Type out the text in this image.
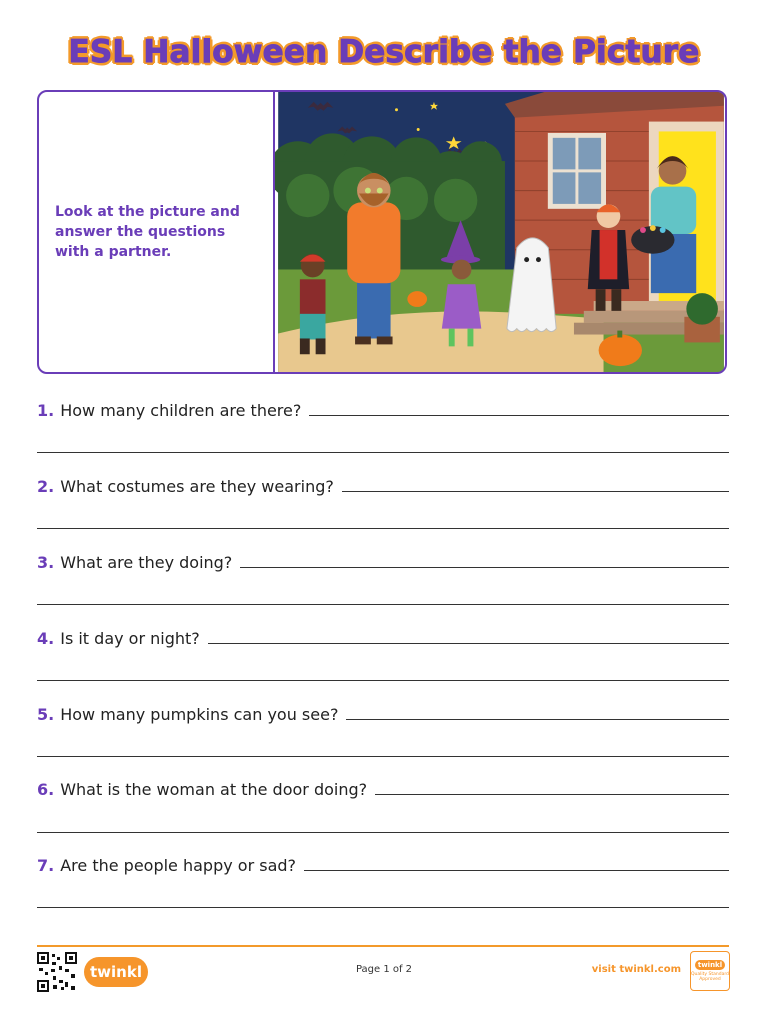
ESL Halloween Describe the Picture
Look at the picture and answer the questions with a partner.
1. How many children are there?
2. What costumes are they wearing?
3. What are they doing?
4. Is it day or night?
5. How many pumpkins can you see?
6. What is the woman at the door doing?
7. Are the people happy or sad?
twinkl	Page 1 of 2	visit twinkl.com	twinkl
Quality Standard Approved
